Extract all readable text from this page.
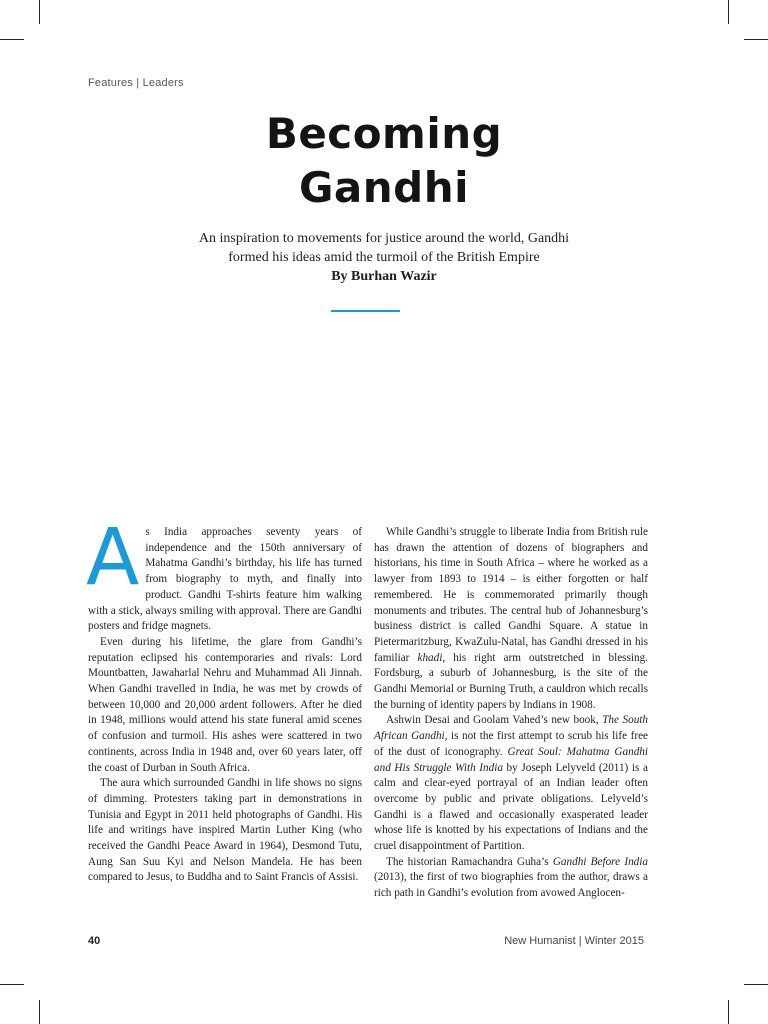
Features | Leaders
Becoming
Gandhi
An inspiration to movements for justice around the world, Gandhi formed his ideas amid the turmoil of the British Empire
By Burhan Wazir

As India approaches seventy years of independence and the 150th anniversary of Mahatma Gandhi’s birthday, his life has turned from biography to myth, and finally into product. Gandhi T-shirts feature him walking with a stick, always smiling with approval. There are Gandhi posters and fridge magnets.

Even during his lifetime, the glare from Gandhi’s reputation eclipsed his contemporaries and rivals: Lord Mountbatten, Jawaharlal Nehru and Muhammad Ali Jinnah. When Gandhi travelled in India, he was met by crowds of between 10,000 and 20,000 ardent followers. After he died in 1948, millions would attend his state funeral amid scenes of confusion and turmoil. His ashes were scattered in two continents, across India in 1948 and, over 60 years later, off the coast of Durban in South Africa.

The aura which surrounded Gandhi in life shows no signs of dimming. Protesters taking part in demonstrations in Tunisia and Egypt in 2011 held photographs of Gandhi. His life and writings have inspired Martin Luther King (who received the Gandhi Peace Award in 1964), Desmond Tutu, Aung San Suu Kyi and Nelson Mandela. He has been compared to Jesus, to Buddha and to Saint Francis of Assisi.

While Gandhi’s struggle to liberate India from British rule has drawn the attention of dozens of biographers and historians, his time in South Africa – where he worked as a lawyer from 1893 to 1914 – is either forgotten or half remembered. He is commemorated primarily though monuments and tributes. The central hub of Johannesburg’s business district is called Gandhi Square. A statue in Pietermaritzburg, KwaZulu-Natal, has Gandhi dressed in his familiar khadi, his right arm outstretched in blessing. Fordsburg, a suburb of Johannesburg, is the site of the Gandhi Memorial or Burning Truth, a cauldron which recalls the burning of identity papers by Indians in 1908.

Ashwin Desai and Goolam Vahed’s new book, The South African Gandhi, is not the first attempt to scrub his life free of the dust of iconography. Great Soul: Mahatma Gandhi and His Struggle With India by Joseph Lelyveld (2011) is a calm and clear-eyed portrayal of an Indian leader often overcome by public and private obligations. Lelyveld’s Gandhi is a flawed and occasionally exasperated leader whose life is knotted by his expectations of Indians and the cruel disappointment of Partition.

The historian Ramachandra Guha’s Gandhi Before India (2013), the first of two biographies from the author, draws a rich path in Gandhi’s evolution from avowed Anglocen-

40	New Humanist | Winter 2015
